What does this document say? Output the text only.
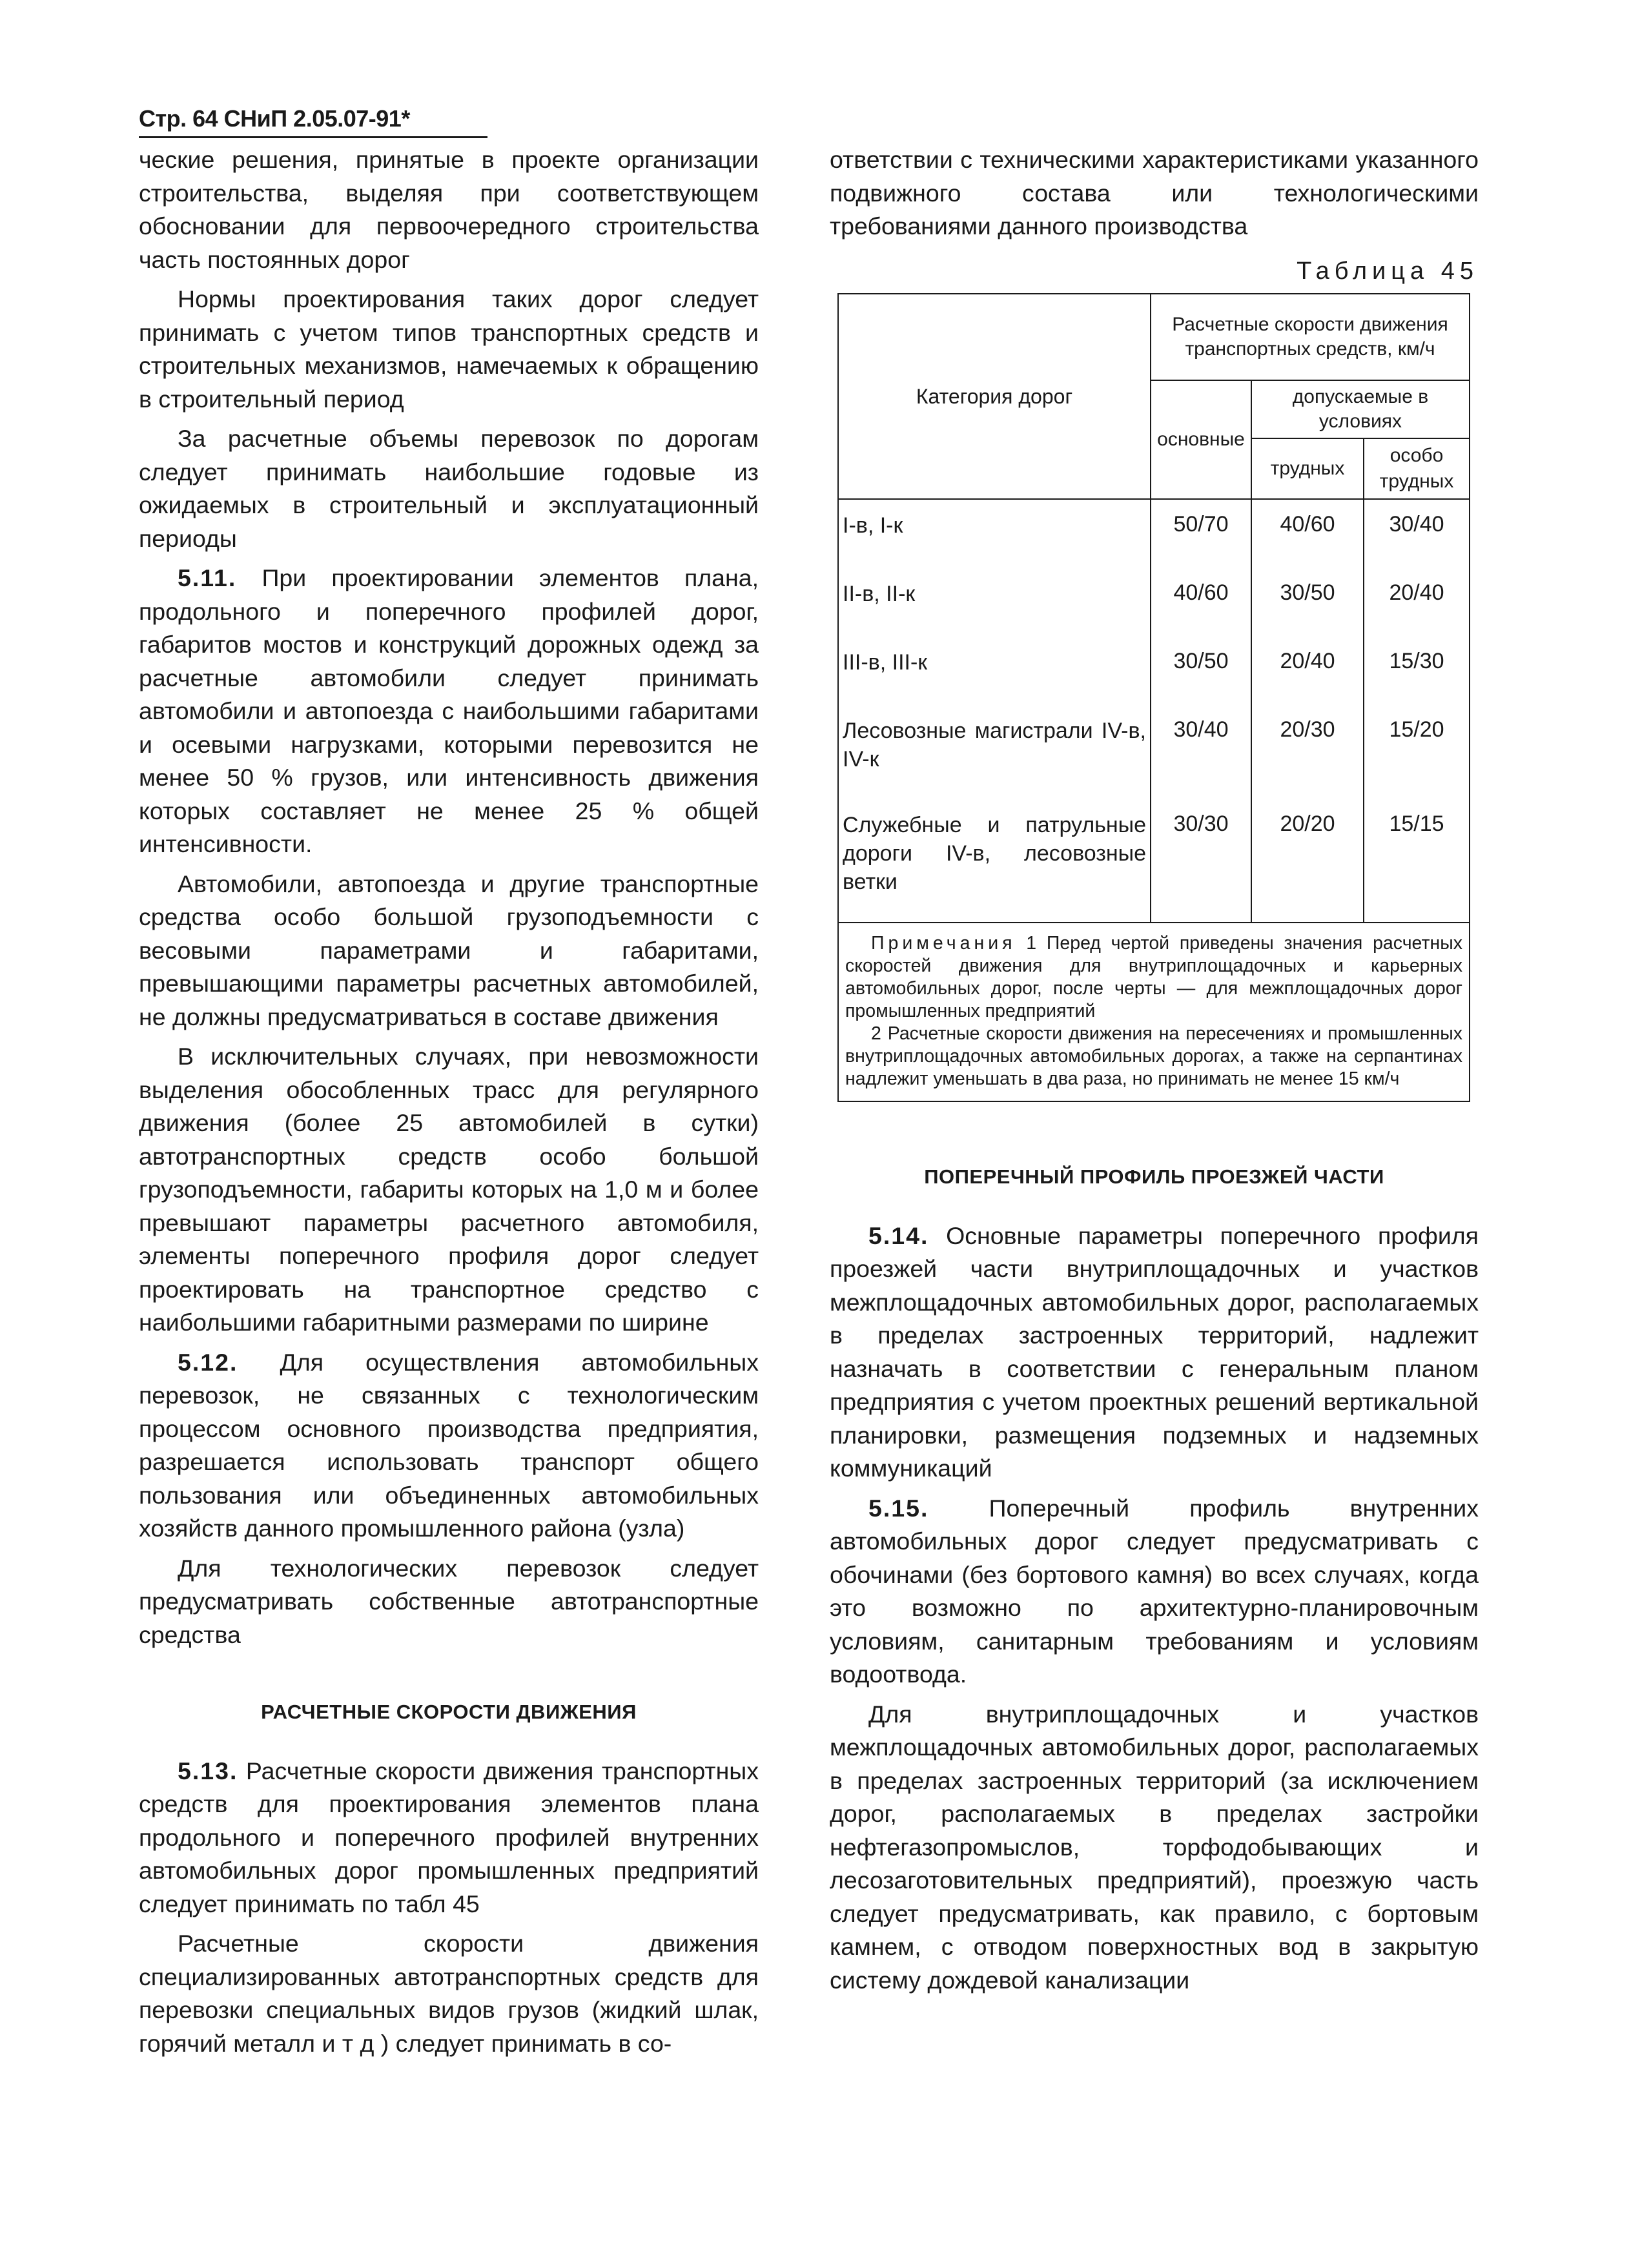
Стр. 64 СНиП 2.05.07-91*

ческие решения, принятые в проекте организации строительства, выделяя при соответствующем обосновании для первоочередного строительства часть постоянных дорог

Нормы проектирования таких дорог следует принимать с учетом типов транспортных средств и строительных механизмов, намечаемых к обращению в строительный период

За расчетные объемы перевозок по дорогам следует принимать наибольшие годовые из ожидаемых в строительный и эксплуатационный периоды

5.11. При проектировании элементов плана, продольного и поперечного профилей дорог, габаритов мостов и конструкций дорожных одежд за расчетные автомобили следует принимать автомобили и автопоезда с наибольшими габаритами и осевыми нагрузками, которыми перевозится не менее 50 % грузов, или интенсивность движения которых составляет не менее 25 % общей интенсивности.

Автомобили, автопоезда и другие транспортные средства особо большой грузоподъемности с весовыми параметрами и габаритами, превышающими параметры расчетных автомобилей, не должны предусматриваться в составе движения

В исключительных случаях, при невозможности выделения обособленных трасс для регулярного движения (более 25 автомобилей в сутки) автотранспортных средств особо большой грузоподъемности, габариты которых на 1,0 м и более превышают параметры расчетного автомобиля, элементы поперечного профиля дорог следует проектировать на транспортное средство с наибольшими габаритными размерами по ширине

5.12. Для осуществления автомобильных перевозок, не связанных с технологическим процессом основного производства предприятия, разрешается использовать транспорт общего пользования или объединенных автомобильных хозяйств данного промышленного района (узла)

Для технологических перевозок следует предусматривать собственные автотранспортные средства

РАСЧЕТНЫЕ СКОРОСТИ ДВИЖЕНИЯ

5.13. Расчетные скорости движения транспортных средств для проектирования элементов плана продольного и поперечного профилей внутренних автомобильных дорог промышленных предприятий следует принимать по табл 45

Расчетные скорости движения специализированных автотранспортных средств для перевозки специальных видов грузов (жидкий шлак, горячий металл и т д ) следует принимать в со-

ответствии с техническими характеристиками указанного подвижного состава или технологическими требованиями данного производства

Таблица 45

Категория дорог	Расчетные скорости движения транспортных средств, км/ч		
	основные	допускаемые в условиях	
		трудных	особо трудных
I-в, I-к	50/70	40/60	30/40
II-в, II-к	40/60	30/50	20/40
III-в, III-к	30/50	20/40	15/30
Лесовозные магистрали IV-в, IV-к	30/40	20/30	15/20
Служебные и патрульные дороги IV-в, лесовозные ветки	30/30	20/20	15/15

Примечания 1 Перед чертой приведены значения расчетных скоростей движения для внутриплощадочных и карьерных автомобильных дорог, после черты — для межплощадочных дорог промышленных предприятий
2 Расчетные скорости движения на пересечениях и промышленных внутриплощадочных автомобильных дорогах, а также на серпантинах надлежит уменьшать в два раза, но принимать не менее 15 км/ч			

ПОПЕРЕЧНЫЙ ПРОФИЛЬ ПРОЕЗЖЕЙ ЧАСТИ

5.14. Основные параметры поперечного профиля проезжей части внутриплощадочных и участков межплощадочных автомобильных дорог, располагаемых в пределах застроенных территорий, надлежит назначать в соответствии с генеральным планом предприятия с учетом проектных решений вертикальной планировки, размещения подземных и надземных коммуникаций

5.15. Поперечный профиль внутренних автомобильных дорог следует предусматривать с обочинами (без бортового камня) во всех случаях, когда это возможно по архитектурно-планировочным условиям, санитарным требованиям и условиям водоотвода.

Для внутриплощадочных и участков межплощадочных автомобильных дорог, располагаемых в пределах застроенных территорий (за исключением дорог, располагаемых в пределах застройки нефтегазопромыслов, торфодобывающих и лесозаготовительных предприятий), проезжую часть следует предусматривать, как правило, с бортовым камнем, с отводом поверхностных вод в закрытую систему дождевой канализации
